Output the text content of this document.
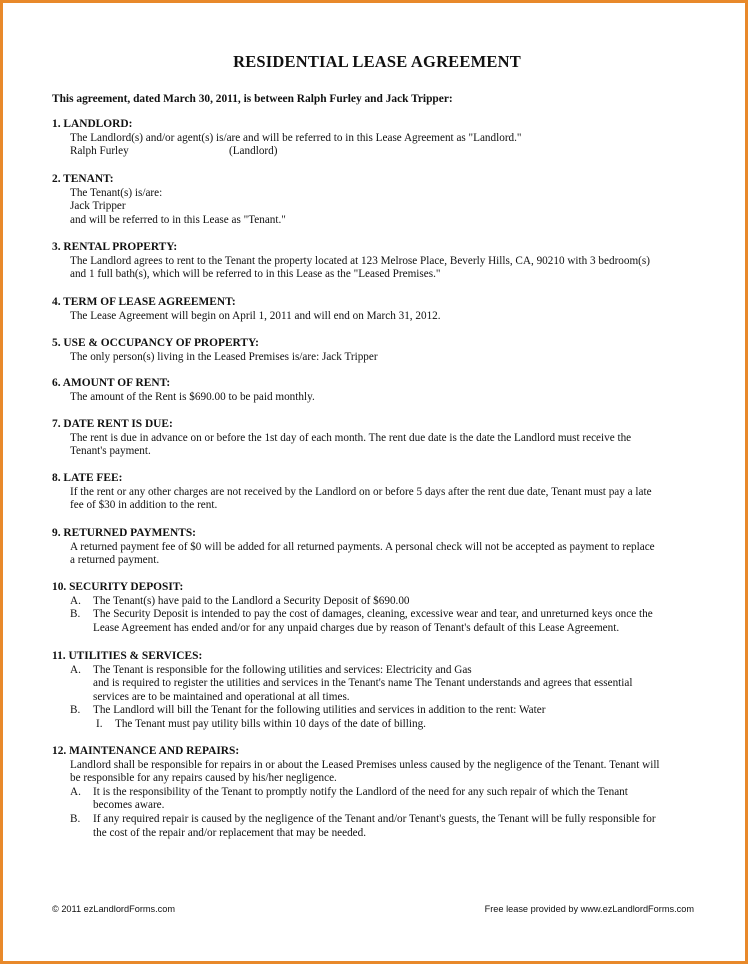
RESIDENTIAL LEASE AGREEMENT
This agreement, dated March 30, 2011, is between Ralph Furley and Jack Tripper:
1. LANDLORD:
The Landlord(s) and/or agent(s) is/are and will be referred to in this Lease Agreement as "Landlord."
Ralph Furley	(Landlord)
2. TENANT:
The Tenant(s) is/are:
Jack Tripper
and will be referred to in this Lease as "Tenant."
3. RENTAL PROPERTY:
The Landlord agrees to rent to the Tenant the property located at 123 Melrose Place, Beverly Hills, CA, 90210 with 3 bedroom(s)
and 1 full bath(s), which will be referred to in this Lease as the "Leased Premises."
4. TERM OF LEASE AGREEMENT:
The Lease Agreement will begin on April 1, 2011 and will end on March 31, 2012.
5. USE & OCCUPANCY OF PROPERTY:
The only person(s) living in the Leased Premises is/are: Jack Tripper
6. AMOUNT OF RENT:
The amount of the Rent is $690.00 to be paid monthly.
7. DATE RENT IS DUE:
The rent is due in advance on or before the 1st day of each month. The rent due date is the date the Landlord must receive the
Tenant's payment.
8. LATE FEE:
If the rent or any other charges are not received by the Landlord on or before 5 days after the rent due date, Tenant must pay a late
fee of $30 in addition to the rent.
9. RETURNED PAYMENTS:
A returned payment fee of $0 will be added for all returned payments. A personal check will not be accepted as payment to replace
a returned payment.
10. SECURITY DEPOSIT:
A.	The Tenant(s) have paid to the Landlord a Security Deposit of $690.00
B.	The Security Deposit is intended to pay the cost of damages, cleaning, excessive wear and tear, and unreturned keys once the
Lease Agreement has ended and/or for any unpaid charges due by reason of Tenant's default of this Lease Agreement.
11. UTILITIES & SERVICES:
A.	The Tenant is responsible for the following utilities and services: Electricity and Gas
and is required to register the utilities and services in the Tenant's name The Tenant understands and agrees that essential
services are to be maintained and operational at all times.
B.	The Landlord will bill the Tenant for the following utilities and services in addition to the rent: Water
I.	The Tenant must pay utility bills within 10 days of the date of billing.
12. MAINTENANCE AND REPAIRS:
Landlord shall be responsible for repairs in or about the Leased Premises unless caused by the negligence of the Tenant. Tenant will
be responsible for any repairs caused by his/her negligence.
A.	It is the responsibility of the Tenant to promptly notify the Landlord of the need for any such repair of which the Tenant
becomes aware.
B.	If any required repair is caused by the negligence of the Tenant and/or Tenant's guests, the Tenant will be fully responsible for
the cost of the repair and/or replacement that may be needed.
© 2011 ezLandlordForms.com	Free lease provided by www.ezLandlordForms.com
